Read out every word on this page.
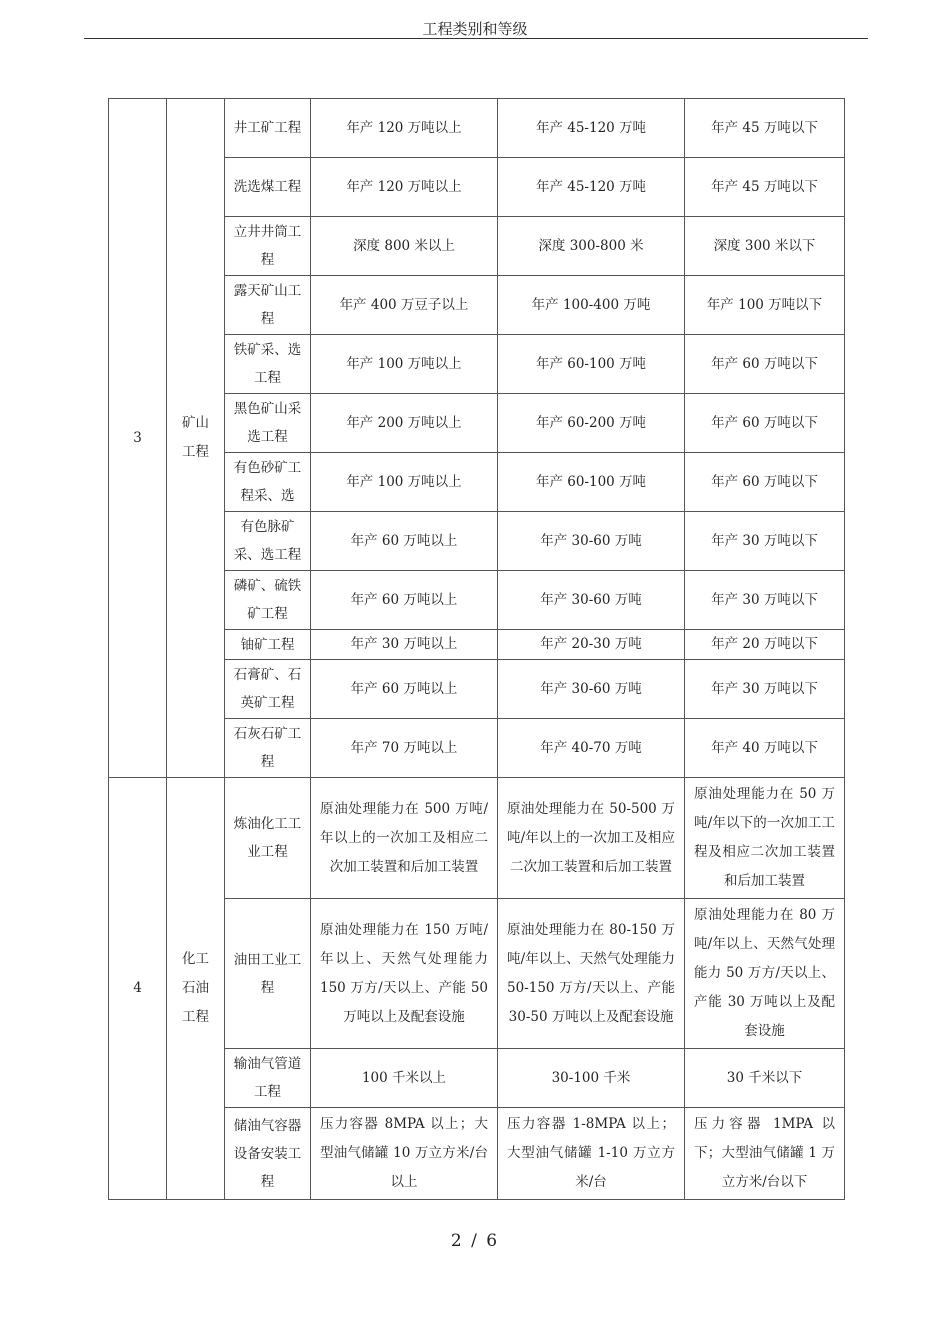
工程类别和等级
3	矿山工程	井工矿工程	年产 120 万吨以上	年产 45-120 万吨	年产 45 万吨以下
		洗选煤工程	年产 120 万吨以上	年产 45-120 万吨	年产 45 万吨以下
		立井井筒工程	深度 800 米以上	深度 300-800 米	深度 300 米以下
		露天矿山工程	年产 400 万豆子以上	年产 100-400 万吨	年产 100 万吨以下
		铁矿采、选工程	年产 100 万吨以上	年产 60-100 万吨	年产 60 万吨以下
		黑色矿山采选工程	年产 200 万吨以上	年产 60-200 万吨	年产 60 万吨以下
		有色砂矿工程采、选	年产 100 万吨以上	年产 60-100 万吨	年产 60 万吨以下
		有色脉矿采、选工程	年产 60 万吨以上	年产 30-60 万吨	年产 30 万吨以下
		磷矿、硫铁矿工程	年产 60 万吨以上	年产 30-60 万吨	年产 30 万吨以下
		铀矿工程	年产 30 万吨以上	年产 20-30 万吨	年产 20 万吨以下
		石膏矿、石英矿工程	年产 60 万吨以上	年产 30-60 万吨	年产 30 万吨以下
		石灰石矿工程	年产 70 万吨以上	年产 40-70 万吨	年产 40 万吨以下
4	化工石油工程	炼油化工工业工程	原油处理能力在 500 万吨/年以上的一次加工及相应二次加工装置和后加工装置	原油处理能力在 50-500 万吨/年以上的一次加工及相应二次加工装置和后加工装置	原油处理能力在 50 万吨/年以下的一次加工工程及相应二次加工装置和后加工装置
		油田工业工程	原油处理能力在 150 万吨/年以上、天然气处理能力 150 万方/天以上、产能 50 万吨以上及配套设施	原油处理能力在 80-150 万吨/年以上、天然气处理能力 50-150 万方/天以上、产能 30-50 万吨以上及配套设施	原油处理能力在 80 万吨/年以上、天然气处理能力 50 万方/天以上、产能 30 万吨以上及配套设施
		输油气管道工程	100 千米以上	30-100 千米	30 千米以下
		储油气容器设备安装工程	压力容器 8MPA 以上；大型油气储罐 10 万立方米/台以上	压力容器 1-8MPA 以上；大型油气储罐 1-10 万立方米/台	压力容器 1MPA 以下；大型油气储罐 1 万立方米/台以下
2 / 6
